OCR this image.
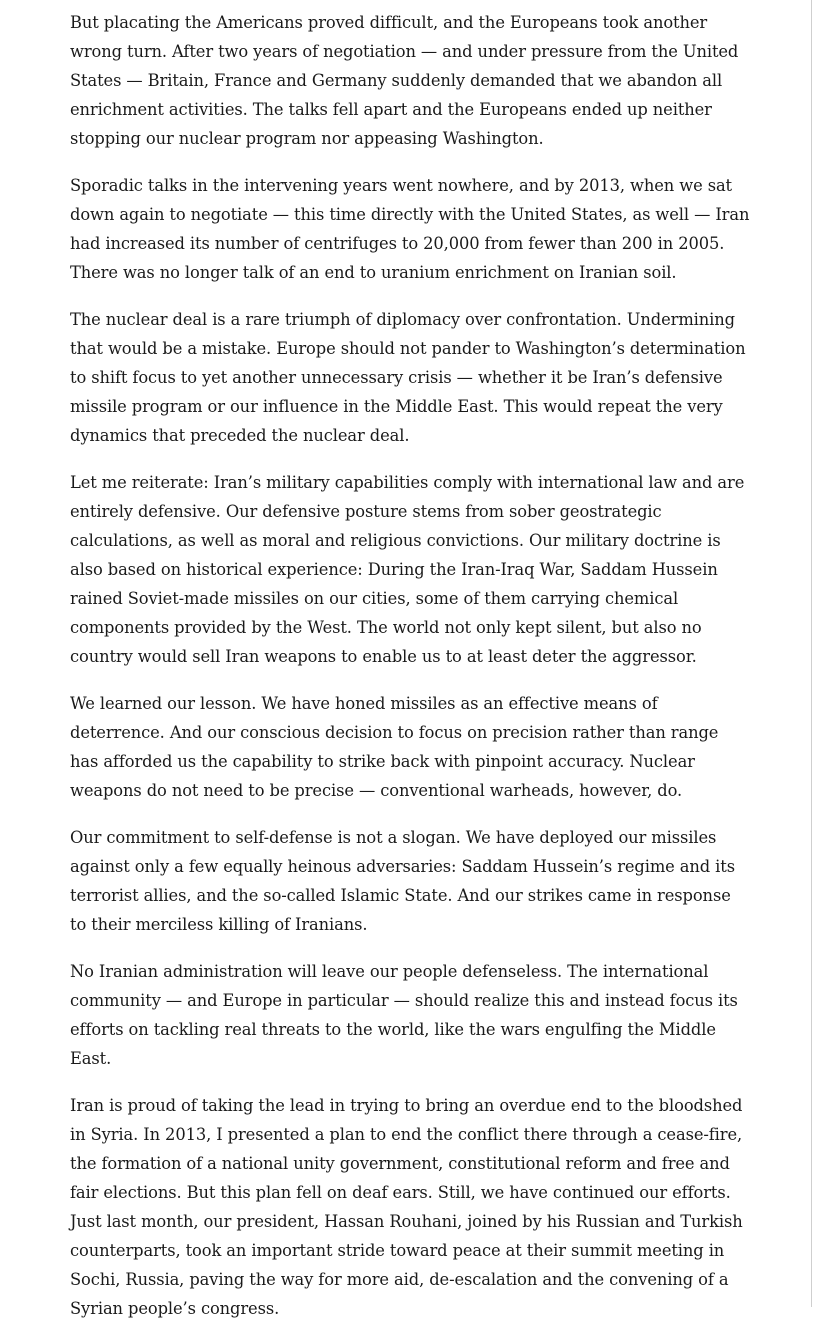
But placating the Americans proved difficult, and the Europeans took another wrong turn. After two years of negotiation — and under pressure from the United States — Britain, France and Germany suddenly demanded that we abandon all enrichment activities. The talks fell apart and the Europeans ended up neither stopping our nuclear program nor appeasing Washington.

Sporadic talks in the intervening years went nowhere, and by 2013, when we sat down again to negotiate — this time directly with the United States, as well — Iran had increased its number of centrifuges to 20,000 from fewer than 200 in 2005. There was no longer talk of an end to uranium enrichment on Iranian soil.

The nuclear deal is a rare triumph of diplomacy over confrontation. Undermining that would be a mistake. Europe should not pander to Washington’s determination to shift focus to yet another unnecessary crisis — whether it be Iran’s defensive missile program or our influence in the Middle East. This would repeat the very dynamics that preceded the nuclear deal.

Let me reiterate: Iran’s military capabilities comply with international law and are entirely defensive. Our defensive posture stems from sober geostrategic calculations, as well as moral and religious convictions. Our military doctrine is also based on historical experience: During the Iran-Iraq War, Saddam Hussein rained Soviet-made missiles on our cities, some of them carrying chemical components provided by the West. The world not only kept silent, but also no country would sell Iran weapons to enable us to at least deter the aggressor.

We learned our lesson. We have honed missiles as an effective means of deterrence. And our conscious decision to focus on precision rather than range has afforded us the capability to strike back with pinpoint accuracy. Nuclear weapons do not need to be precise — conventional warheads, however, do.

Our commitment to self-defense is not a slogan. We have deployed our missiles against only a few equally heinous adversaries: Saddam Hussein’s regime and its terrorist allies, and the so-called Islamic State. And our strikes came in response to their merciless killing of Iranians.

No Iranian administration will leave our people defenseless. The international community — and Europe in particular — should realize this and instead focus its efforts on tackling real threats to the world, like the wars engulfing the Middle East.

Iran is proud of taking the lead in trying to bring an overdue end to the bloodshed in Syria. In 2013, I presented a plan to end the conflict there through a cease-fire, the formation of a national unity government, constitutional reform and free and fair elections. But this plan fell on deaf ears. Still, we have continued our efforts. Just last month, our president, Hassan Rouhani, joined by his Russian and Turkish counterparts, took an important stride toward peace at their summit meeting in Sochi, Russia, paving the way for more aid, de-escalation and the convening of a Syrian people’s congress.
